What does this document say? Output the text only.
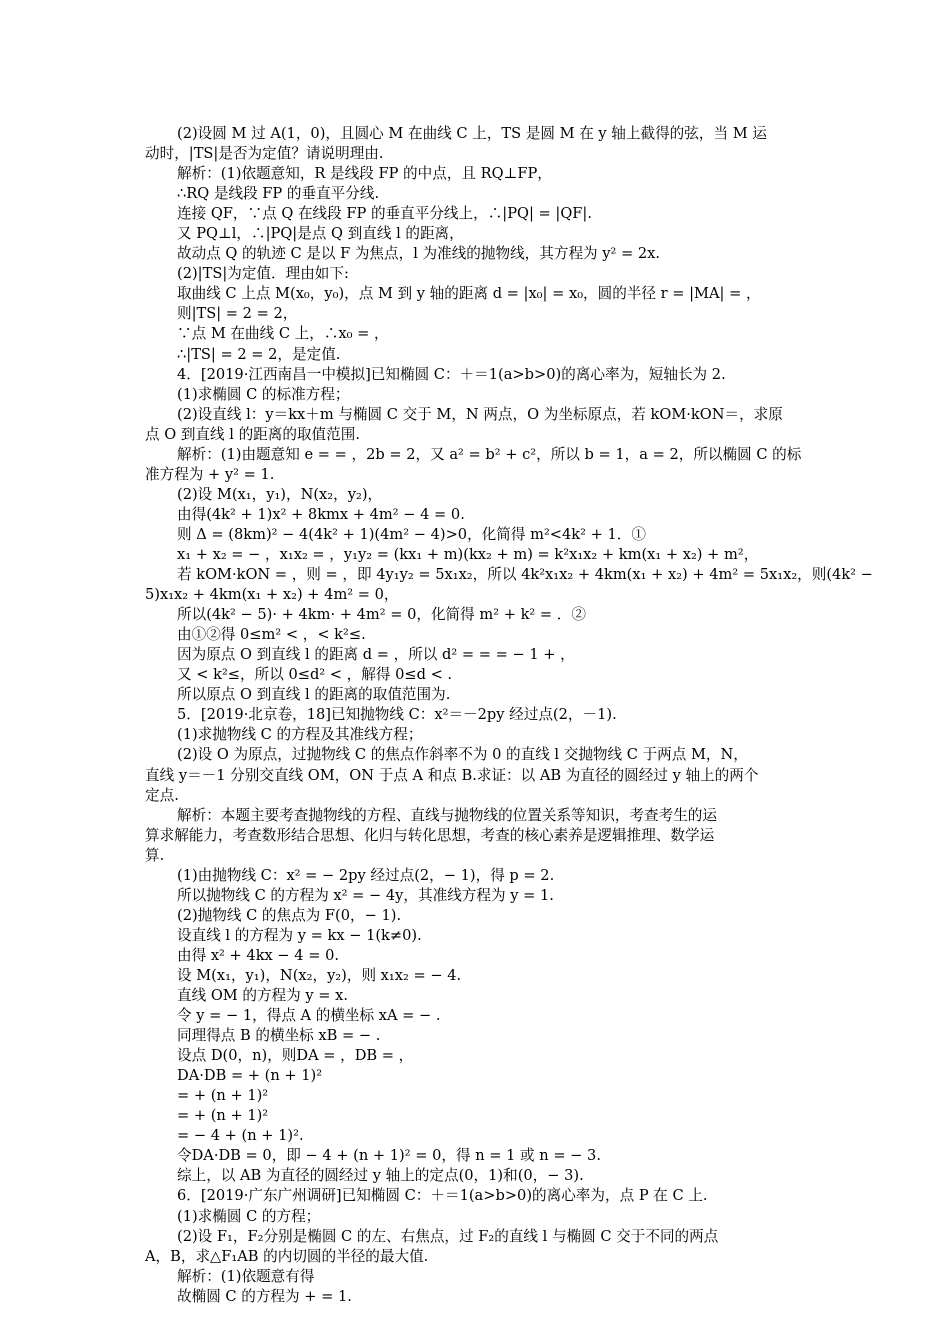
(2)设圆 M 过 A(1，0)，且圆心 M 在曲线 C 上，TS 是圆 M 在 y 轴上截得的弦，当 M 运
动时，|TS|是否为定值？请说明理由.
解析：(1)依题意知，R 是线段 FP 的中点，且 RQ⊥FP，
∴RQ 是线段 FP 的垂直平分线.
连接 QF，∵点 Q 在线段 FP 的垂直平分线上，∴|PQ| = |QF|.
又 PQ⊥l，∴|PQ|是点 Q 到直线 l 的距离，
故动点 Q 的轨迹 C 是以 F 为焦点，l 为准线的抛物线，其方程为 y² = 2x.
(2)|TS|为定值．理由如下:
取曲线 C 上点 M(x₀，y₀)，点 M 到 y 轴的距离 d = |x₀| = x₀，圆的半径 r = |MA| = ，
则|TS| = 2 = 2，
∵点 M 在曲线 C 上，∴x₀ = ，
∴|TS| = 2 = 2，是定值.
4．[2019·江西南昌一中模拟]已知椭圆 C：＋＝1(a>b>0)的离心率为，短轴长为 2.
(1)求椭圆 C 的标准方程；
(2)设直线 l：y＝kx＋m 与椭圆 C 交于 M，N 两点，O 为坐标原点，若 kOM·kON＝，求原
点 O 到直线 l 的距离的取值范围.
解析：(1)由题意知 e = = ，2b = 2，又 a² = b² + c²，所以 b = 1，a = 2，所以椭圆 C 的标
准方程为 + y² = 1.
(2)设 M(x₁，y₁)，N(x₂，y₂)，
由得(4k² + 1)x² + 8kmx + 4m² − 4 = 0.
则 Δ = (8km)² − 4(4k² + 1)(4m² − 4)>0，化简得 m²<4k² + 1．①
x₁ + x₂ = − ，x₁x₂ = ，y₁y₂ = (kx₁ + m)(kx₂ + m) = k²x₁x₂ + km(x₁ + x₂) + m²，
若 kOM·kON = ，则 = ，即 4y₁y₂ = 5x₁x₂，所以 4k²x₁x₂ + 4km(x₁ + x₂) + 4m² = 5x₁x₂，则(4k² −
5)x₁x₂ + 4km(x₁ + x₂) + 4m² = 0，
所以(4k² − 5)· + 4km· + 4m² = 0，化简得 m² + k² = ．②
由①②得 0≤m² < ，< k²≤.
因为原点 O 到直线 l 的距离 d = ，所以 d² = = = − 1 + ，
又 < k²≤，所以 0≤d² < ，解得 0≤d < .
所以原点 O 到直线 l 的距离的取值范围为.
5．[2019·北京卷，18]已知抛物线 C：x²＝－2py 经过点(2，－1).
(1)求抛物线 C 的方程及其准线方程；
(2)设 O 为原点，过抛物线 C 的焦点作斜率不为 0 的直线 l 交抛物线 C 于两点 M，N，
直线 y＝－1 分别交直线 OM，ON 于点 A 和点 B.求证：以 AB 为直径的圆经过 y 轴上的两个
定点.
解析：本题主要考查抛物线的方程、直线与抛物线的位置关系等知识，考查考生的运
算求解能力，考查数形结合思想、化归与转化思想，考查的核心素养是逻辑推理、数学运
算.
(1)由抛物线 C：x² = − 2py 经过点(2，− 1)，得 p = 2.
所以抛物线 C 的方程为 x² = − 4y，其准线方程为 y = 1.
(2)抛物线 C 的焦点为 F(0，− 1).
设直线 l 的方程为 y = kx − 1(k≠0).
由得 x² + 4kx − 4 = 0.
设 M(x₁，y₁)，N(x₂，y₂)，则 x₁x₂ = − 4.
直线 OM 的方程为 y = x.
令 y = − 1，得点 A 的横坐标 xA = − .
同理得点 B 的横坐标 xB = − .
设点 D(0，n)，则DA = ，DB = ，
DA·DB = + (n + 1)²
= + (n + 1)²
= + (n + 1)²
= − 4 + (n + 1)².
令DA·DB = 0，即 − 4 + (n + 1)² = 0，得 n = 1 或 n = − 3.
综上，以 AB 为直径的圆经过 y 轴上的定点(0，1)和(0，− 3).
6．[2019·广东广州调研]已知椭圆 C：＋＝1(a>b>0)的离心率为，点 P 在 C 上.
(1)求椭圆 C 的方程；
(2)设 F₁，F₂分别是椭圆 C 的左、右焦点，过 F₂的直线 l 与椭圆 C 交于不同的两点
A，B，求△F₁AB 的内切圆的半径的最大值.
解析：(1)依题意有得
故椭圆 C 的方程为 + = 1.
